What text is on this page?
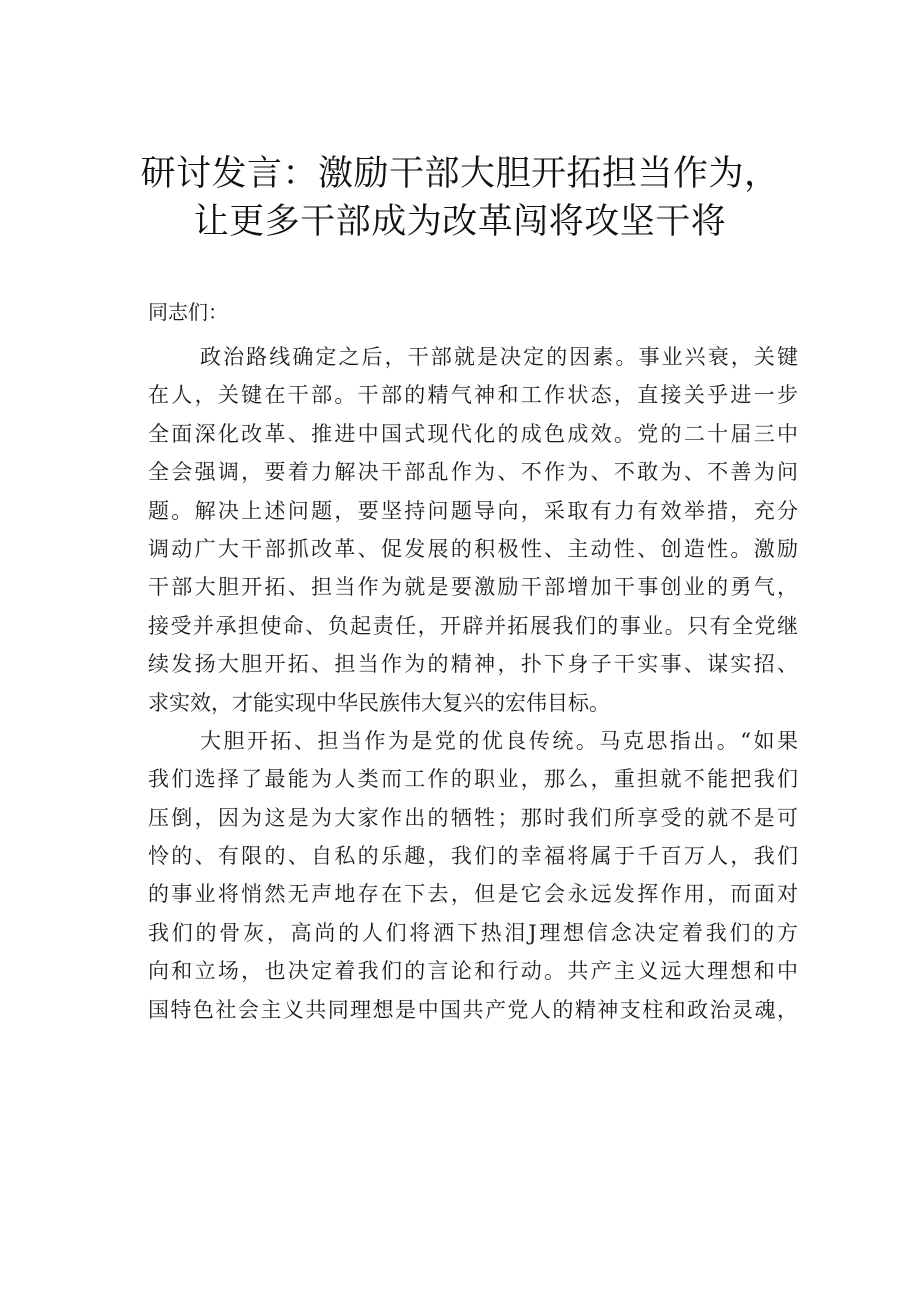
研讨发言：激励干部大胆开拓担当作为，
让更多干部成为改革闯将攻坚干将

同志们：

政治路线确定之后，干部就是决定的因素。事业兴衰，关键
在人，关键在干部。干部的精气神和工作状态，直接关乎进一步
全面深化改革、推进中国式现代化的成色成效。党的二十届三中
全会强调，要着力解决干部乱作为、不作为、不敢为、不善为问
题。解决上述问题，要坚持问题导向，采取有力有效举措，充分
调动广大干部抓改革、促发展的积极性、主动性、创造性。激励
干部大胆开拓、担当作为就是要激励干部增加干事创业的勇气，
接受并承担使命、负起责任，开辟并拓展我们的事业。只有全党继
续发扬大胆开拓、担当作为的精神，扑下身子干实事、谋实招、
求实效，才能实现中华民族伟大复兴的宏伟目标。
大胆开拓、担当作为是党的优良传统。马克思指出。“如果
我们选择了最能为人类而工作的职业，那么，重担就不能把我们
压倒，因为这是为大家作出的牺牲；那时我们所享受的就不是可
怜的、有限的、自私的乐趣，我们的幸福将属于千百万人，我们
的事业将悄然无声地存在下去，但是它会永远发挥作用，而面对
我们的骨灰，高尚的人们将洒下热泪J理想信念决定着我们的方
向和立场，也决定着我们的言论和行动。共产主义远大理想和中
国特色社会主义共同理想是中国共产党人的精神支柱和政治灵魂，
